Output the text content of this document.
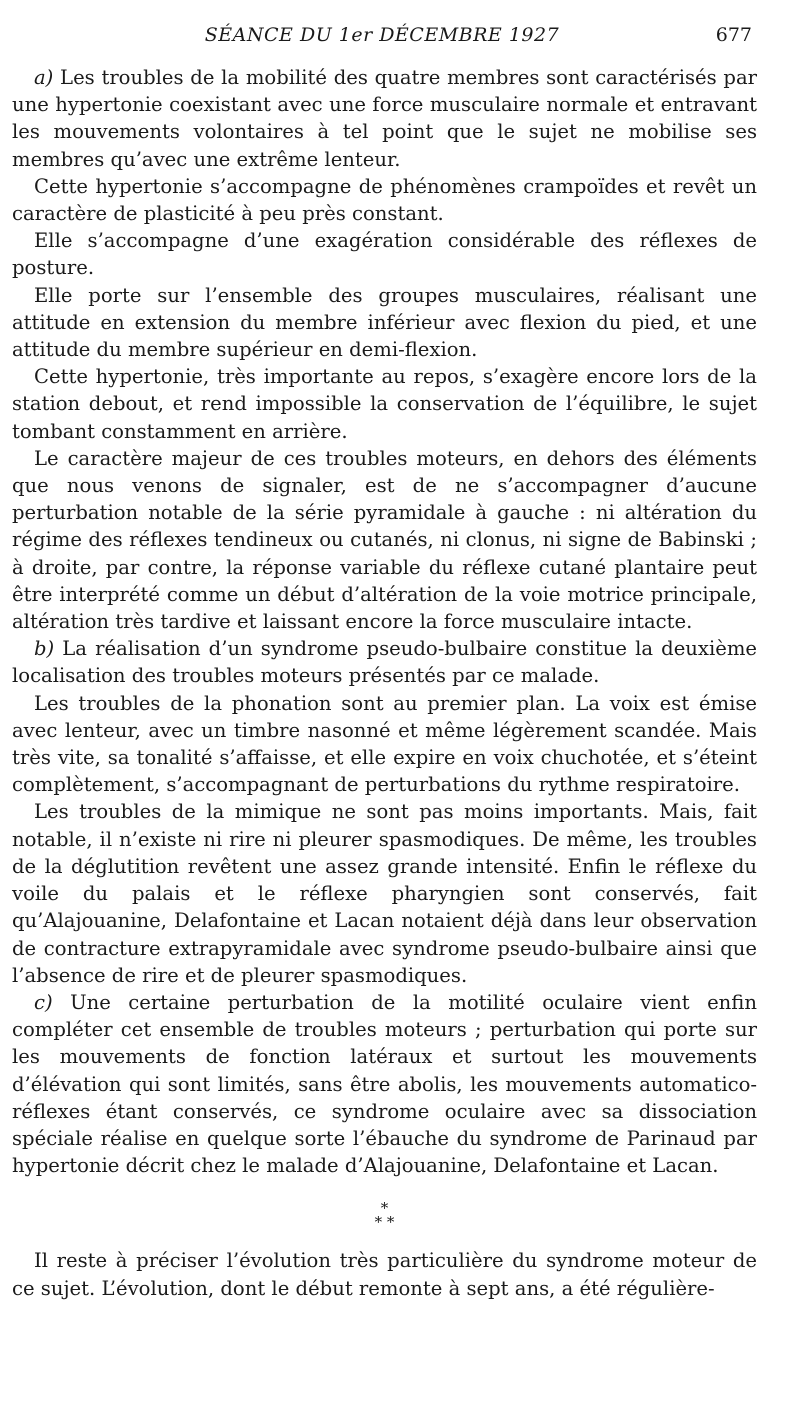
SÉANCE DU 1er DÉCEMBRE 1927	677

a) Les troubles de la mobilité des quatre membres sont caractérisés par une hypertonie coexistant avec une force musculaire normale et entravant les mouvements volontaires à tel point que le sujet ne mobilise ses membres qu’avec une extrême lenteur.

Cette hypertonie s’accompagne de phénomènes crampoïdes et revêt un caractère de plasticité à peu près constant.

Elle s’accompagne d’une exagération considérable des réflexes de posture.

Elle porte sur l’ensemble des groupes musculaires, réalisant une attitude en extension du membre inférieur avec flexion du pied, et une attitude du membre supérieur en demi-flexion.

Cette hypertonie, très importante au repos, s’exagère encore lors de la station debout, et rend impossible la conservation de l’équilibre, le sujet tombant constamment en arrière.

Le caractère majeur de ces troubles moteurs, en dehors des éléments que nous venons de signaler, est de ne s’accompagner d’aucune perturbation notable de la série pyramidale à gauche : ni altération du régime des réflexes tendineux ou cutanés, ni clonus, ni signe de Babinski ; à droite, par contre, la réponse variable du réflexe cutané plantaire peut être interprété comme un début d’altération de la voie motrice principale, altération très tardive et laissant encore la force musculaire intacte.

b) La réalisation d’un syndrome pseudo-bulbaire constitue la deuxième localisation des troubles moteurs présentés par ce malade.

Les troubles de la phonation sont au premier plan. La voix est émise avec lenteur, avec un timbre nasonné et même légèrement scandée. Mais très vite, sa tonalité s’affaisse, et elle expire en voix chuchotée, et s’éteint complètement, s’accompagnant de perturbations du rythme respiratoire.

Les troubles de la mimique ne sont pas moins importants. Mais, fait notable, il n’existe ni rire ni pleurer spasmodiques. De même, les troubles de la déglutition revêtent une assez grande intensité. Enfin le réflexe du voile du palais et le réflexe pharyngien sont conservés, fait qu’Alajouanine, Delafontaine et Lacan notaient déjà dans leur observation de contracture extrapyramidale avec syndrome pseudo-bulbaire ainsi que l’absence de rire et de pleurer spasmodiques.

c) Une certaine perturbation de la motilité oculaire vient enfin compléter cet ensemble de troubles moteurs ; perturbation qui porte sur les mouvements de fonction latéraux et surtout les mouvements d’élévation qui sont limités, sans être abolis, les mouvements automatico-réflexes étant conservés, ce syndrome oculaire avec sa dissociation spéciale réalise en quelque sorte l’ébauche du syndrome de Parinaud par hypertonie décrit chez le malade d’Alajouanine, Delafontaine et Lacan.

*
* *

Il reste à préciser l’évolution très particulière du syndrome moteur de ce sujet. L’évolution, dont le début remonte à sept ans, a été régulière-
